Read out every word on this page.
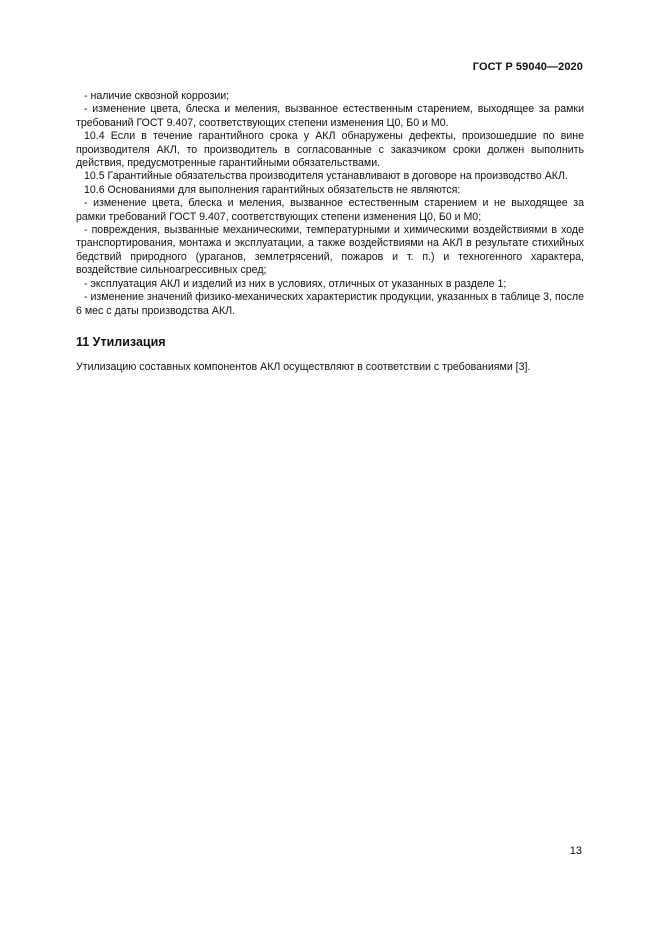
ГОСТ Р 59040—2020

- наличие сквозной коррозии;

- изменение цвета, блеска и меления, вызванное естественным старением, выходящее за рамки требований ГОСТ 9.407, соответствующих степени изменения Ц0, Б0 и М0.

10.4 Если в течение гарантийного срока у АКЛ обнаружены дефекты, произошедшие по вине производителя АКЛ, то производитель в согласованные с заказчиком сроки должен выполнить действия, предусмотренные гарантийными обязательствами.

10.5 Гарантийные обязательства производителя устанавливают в договоре на производство АКЛ.

10.6 Основаниями для выполнения гарантийных обязательств не являются:

- изменение цвета, блеска и меления, вызванное естественным старением и не выходящее за рамки требований ГОСТ 9.407, соответствующих степени изменения Ц0, Б0 и М0;

- повреждения, вызванные механическими, температурными и химическими воздействиями в ходе транспортирования, монтажа и эксплуатации, а также воздействиями на АКЛ в результате стихийных бедствий природного (ураганов, землетрясений, пожаров и т. п.) и техногенного характера, воздействие сильноагрессивных сред;

- эксплуатация АКЛ и изделий из них в условиях, отличных от указанных в разделе 1;

- изменение значений физико-механических характеристик продукции, указанных в таблице 3, после 6 мес с даты производства АКЛ.

11 Утилизация

Утилизацию составных компонентов АКЛ осуществляют в соответствии с требованиями [3].

13
